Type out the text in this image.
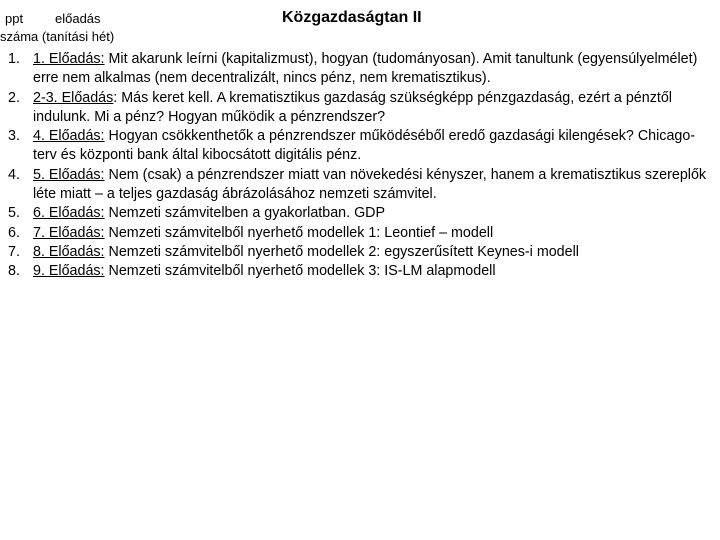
ppt előadás
száma (tanítási hét)
Közgazdaságtan II
1. 1. Előadás: Mit akarunk leírni (kapitalizmust), hogyan (tudományosan). Amit tanultunk (egyensúlyelmélet) erre nem alkalmas (nem decentralizált, nincs pénz, nem krematisztikus).
2. 2-3. Előadás: Más keret kell. A krematisztikus gazdaság szükségképp pénzgazdaság, ezért a pénztől indulunk. Mi a pénz? Hogyan működik a pénzrendszer?
3. 4. Előadás: Hogyan csökkenthetők a pénzrendszer működéséből eredő gazdasági kilengések? Chicago-terv és központi bank által kibocsátott digitális pénz.
4. 5. Előadás: Nem (csak) a pénzrendszer miatt van növekedési kényszer, hanem a krematisztikus szereplők léte miatt – a teljes gazdaság ábrázolásához nemzeti számvitel.
5. 6. Előadás: Nemzeti számvitelben a gyakorlatban. GDP
6. 7. Előadás: Nemzeti számvitelből nyerhető modellek 1: Leontief – modell
7. 8. Előadás: Nemzeti számvitelből nyerhető modellek 2: egyszerűsített Keynes-i modell
8. 9. Előadás: Nemzeti számvitelből nyerhető modellek 3: IS-LM alapmodell
